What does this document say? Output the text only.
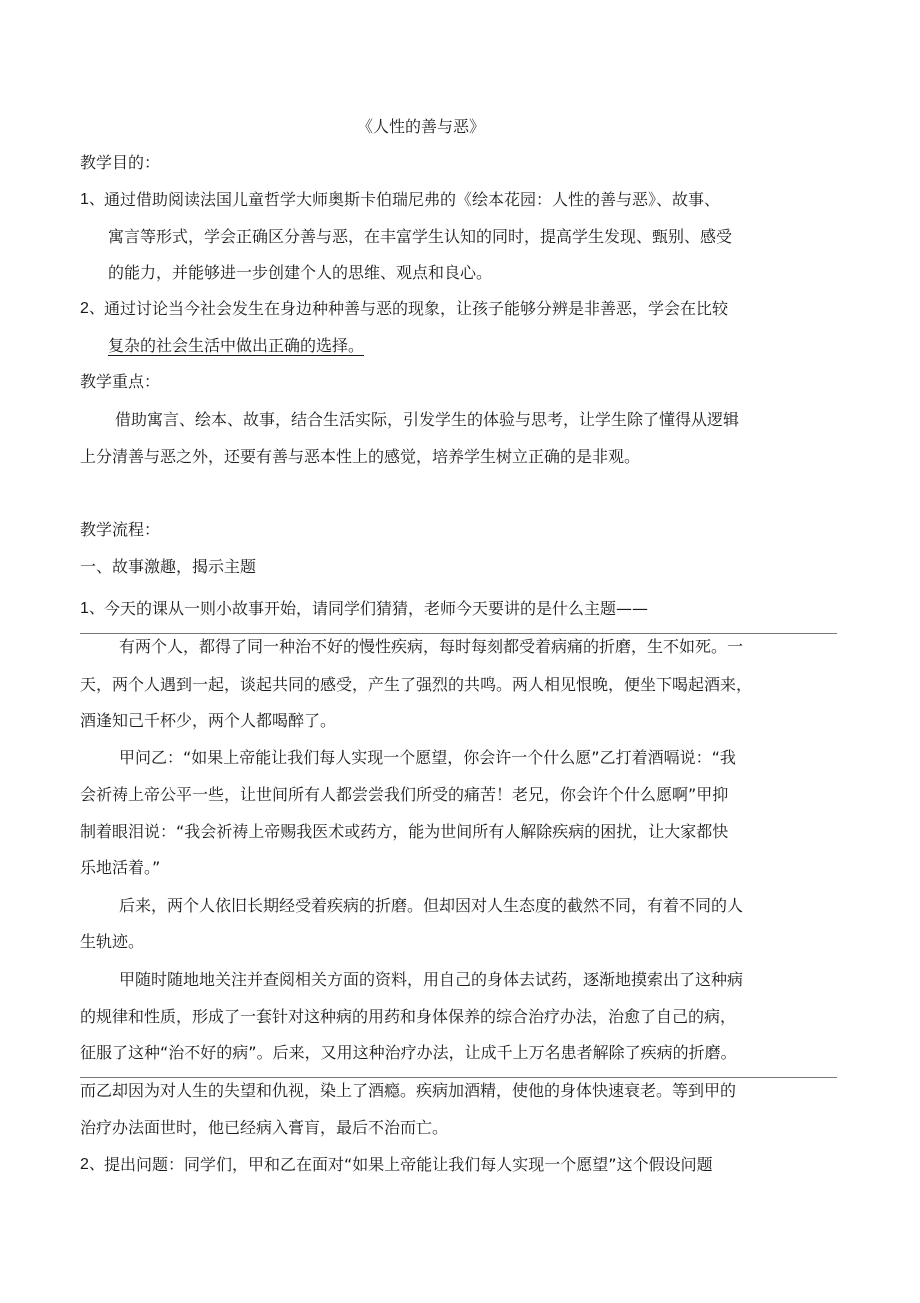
《人性的善与恶》
教学目的：
1、 通过借助阅读法国儿童哲学大师奥斯卡伯瑞尼弗的《绘本花园：人性的善与恶》、故事、
寓言等形式，学会正确区分善与恶，在丰富学生认知的同时，提高学生发现、甄别、感受
的能力，并能够进一步创建个人的思维、观点和良心。
2、 通过讨论当今社会发生在身边种种善与恶的现象，让孩子能够分辨是非善恶，学会在比较
复杂的社会生活中做出正确的选择。
教学重点：
借助寓言、绘本、故事，结合生活实际，引发学生的体验与思考，让学生除了懂得从逻辑
上分清善与恶之外，还要有善与恶本性上的感觉，培养学生树立正确的是非观。
教学流程：
一、故事激趣，揭示主题
1、 今天的课从一则小故事开始，请同学们猜猜，老师今天要讲的是什么主题——
有两个人，都得了同一种治不好的慢性疾病，每时每刻都受着病痛的折磨，生不如死。一
天，两个人遇到一起，谈起共同的感受，产生了强烈的共鸣。两人相见恨晚，便坐下喝起酒来，
酒逢知己千杯少，两个人都喝醉了。
甲问乙：“如果上帝能让我们每人实现一个愿望，你会许一个什么愿”乙打着酒嗝说：“我
会祈祷上帝公平一些，让世间所有人都尝尝我们所受的痛苦！老兄，你会许个什么愿啊”甲抑
制着眼泪说：“我会祈祷上帝赐我医术或药方，能为世间所有人解除疾病的困扰，让大家都快
乐地活着。”
后来，两个人依旧长期经受着疾病的折磨。但却因对人生态度的截然不同，有着不同的人
生轨迹。
甲随时随地地关注并查阅相关方面的资料，用自己的身体去试药，逐渐地摸索出了这种病
的规律和性质，形成了一套针对这种病的用药和身体保养的综合治疗办法，治愈了自己的病，
征服了这种“治不好的病”。后来，又用这种治疗办法，让成千上万名患者解除了疾病的折磨。
而乙却因为对人生的失望和仇视，染上了酒瘾。疾病加酒精，使他的身体快速衰老。等到甲的
治疗办法面世时，他已经病入膏肓，最后不治而亡。
2、 提出问题：同学们，甲和乙在面对“如果上帝能让我们每人实现一个愿望”这个假设问题
